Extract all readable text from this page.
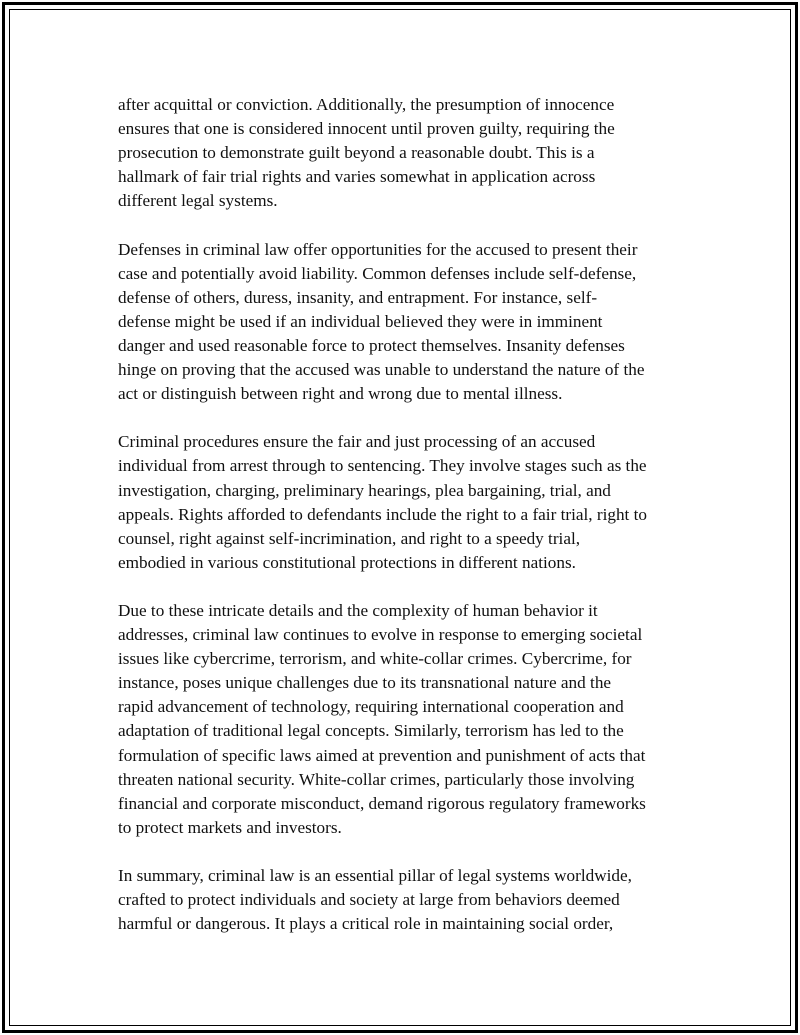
after acquittal or conviction. Additionally, the presumption of innocence
ensures that one is considered innocent until proven guilty, requiring the
prosecution to demonstrate guilt beyond a reasonable doubt. This is a
hallmark of fair trial rights and varies somewhat in application across
different legal systems.

Defenses in criminal law offer opportunities for the accused to present their
case and potentially avoid liability. Common defenses include self-defense,
defense of others, duress, insanity, and entrapment. For instance, self-
defense might be used if an individual believed they were in imminent
danger and used reasonable force to protect themselves. Insanity defenses
hinge on proving that the accused was unable to understand the nature of the
act or distinguish between right and wrong due to mental illness.

Criminal procedures ensure the fair and just processing of an accused
individual from arrest through to sentencing. They involve stages such as the
investigation, charging, preliminary hearings, plea bargaining, trial, and
appeals. Rights afforded to defendants include the right to a fair trial, right to
counsel, right against self-incrimination, and right to a speedy trial,
embodied in various constitutional protections in different nations.

Due to these intricate details and the complexity of human behavior it
addresses, criminal law continues to evolve in response to emerging societal
issues like cybercrime, terrorism, and white-collar crimes. Cybercrime, for
instance, poses unique challenges due to its transnational nature and the
rapid advancement of technology, requiring international cooperation and
adaptation of traditional legal concepts. Similarly, terrorism has led to the
formulation of specific laws aimed at prevention and punishment of acts that
threaten national security. White-collar crimes, particularly those involving
financial and corporate misconduct, demand rigorous regulatory frameworks
to protect markets and investors.

In summary, criminal law is an essential pillar of legal systems worldwide,
crafted to protect individuals and society at large from behaviors deemed
harmful or dangerous. It plays a critical role in maintaining social order,
